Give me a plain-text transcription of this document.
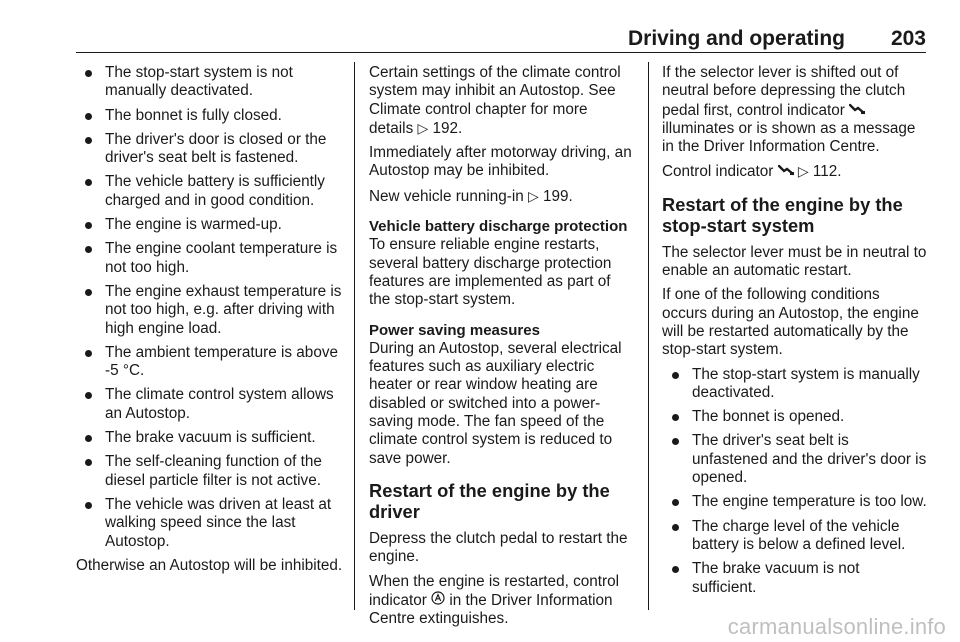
Driving and operating 203
The stop-start system is not manually deactivated.
The bonnet is fully closed.
The driver's door is closed or the driver's seat belt is fastened.
The vehicle battery is sufficiently charged and in good condition.
The engine is warmed-up.
The engine coolant temperature is not too high.
The engine exhaust temperature is not too high, e.g. after driving with high engine load.
The ambient temperature is above -5 °C.
The climate control system allows an Autostop.
The brake vacuum is sufficient.
The self-cleaning function of the diesel particle filter is not active.
The vehicle was driven at least at walking speed since the last Autostop.

Otherwise an Autostop will be inhibited.

Certain settings of the climate control system may inhibit an Autostop. See Climate control chapter for more details ▷ 192.

Immediately after motorway driving, an Autostop may be inhibited.

New vehicle running-in ▷ 199.

Vehicle battery discharge protection

To ensure reliable engine restarts, several battery discharge protection features are implemented as part of the stop-start system.

Power saving measures

During an Autostop, several electrical features such as auxiliary electric heater or rear window heating are disabled or switched into a power-saving mode. The fan speed of the climate control system is reduced to save power.

Restart of the engine by the driver

Depress the clutch pedal to restart the engine.

When the engine is restarted, control indicator in the Driver Information Centre extinguishes.

If the selector lever is shifted out of neutral before depressing the clutch pedal first, control indicator  illuminates or is shown as a message in the Driver Information Centre.

Control indicator ▷ 112.

Restart of the engine by the stop-start system

The selector lever must be in neutral to enable an automatic restart.

If one of the following conditions occurs during an Autostop, the engine will be restarted automatically by the stop-start system.

The stop-start system is manually deactivated.
The bonnet is opened.
The driver's seat belt is unfastened and the driver's door is opened.
The engine temperature is too low.
The charge level of the vehicle battery is below a defined level.
The brake vacuum is not sufficient.
carmanualsonline.info
